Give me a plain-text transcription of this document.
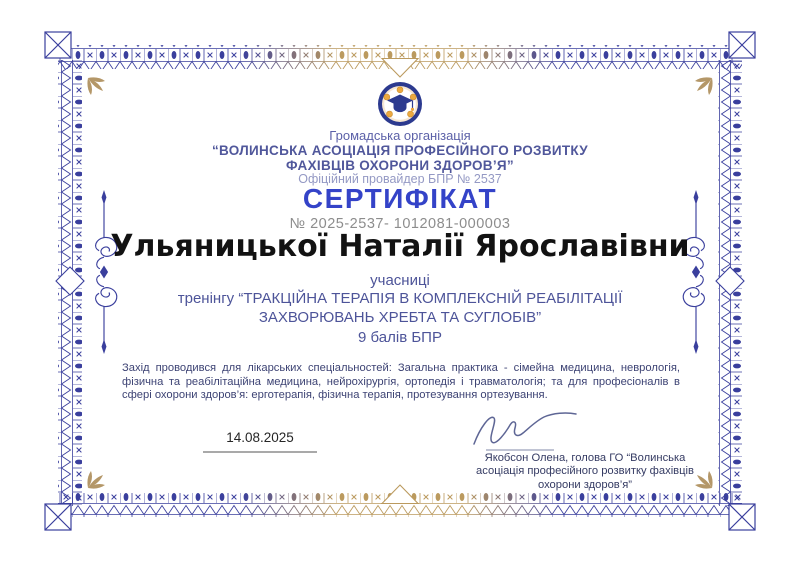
Громадська організація
“ВОЛИНСЬКА АСОЦІАЦІЯ ПРОФЕСІЙНОГО РОЗВИТКУ
ФАХІВЦІВ ОХОРОНИ ЗДОРОВ’Я”
Офіційний провайдер БПР № 2537
СЕРТИФІКАТ
№ 2025-2537- 1012081-000003
Ульяницької Наталії Ярославівни
учасниці
тренінгу “ТРАКЦІЙНА ТЕРАПІЯ В КОМПЛЕКСНІЙ РЕАБІЛІТАЦІЇ
ЗАХВОРЮВАНЬ ХРЕБТА ТА СУГЛОБІВ”
9 балів БПР
Захід проводився для лікарських спеціальностей: Загальна практика - сімейна медицина, неврологія, фізична та реабілітаційна медицина, нейрохірургія, ортопедія і травматологія; та для професіоналів в сфері охорони здоров’я: ерготерапія, фізична терапія, протезування ортезування.
14.08.2025
Якобсон Олена, голова ГО “Волинська
асоціація професійного розвитку фахівців
охорони здоров’я”
